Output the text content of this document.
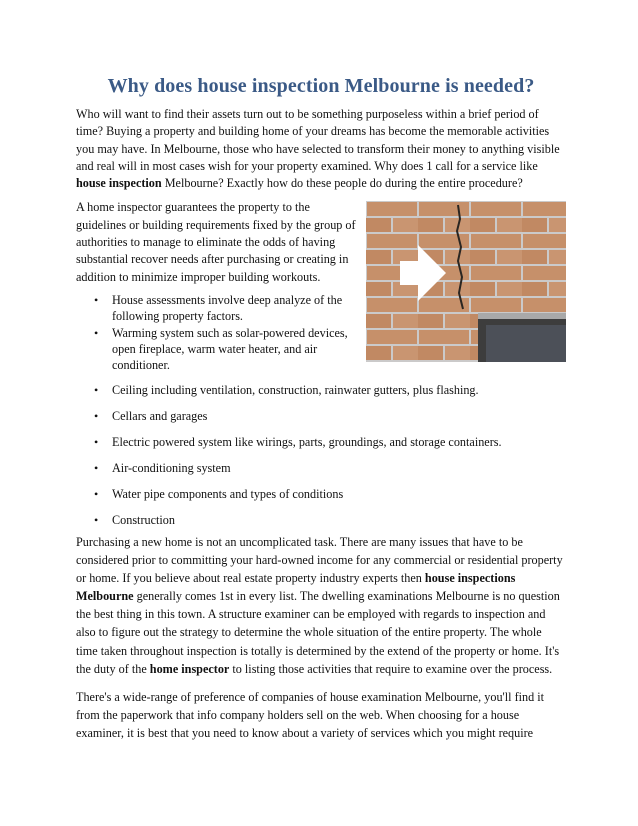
Why does house inspection Melbourne is needed?

Who will want to find their assets turn out to be something purposeless within a brief period of time? Buying a property and building home of your dreams has become the memorable activities you may have. In Melbourne, those who have selected to transform their money to anything visible and real will in most cases wish for your property examined. Why does 1 call for a service like house inspection Melbourne? Exactly how do these people do during the entire procedure?

A home inspector guarantees the property to the guidelines or building requirements fixed by the group of authorities to manage to eliminate the odds of having substantial recover needs after purchasing or creating in addition to minimize improper building workouts.

• House assessments involve deep analyze of the following property factors.
• Warming system such as solar-powered devices, open fireplace, warm water heater, and air conditioner.
• Ceiling including ventilation, construction, rainwater gutters, plus flashing.
• Cellars and garages
• Electric powered system like wirings, parts, groundings, and storage containers.
• Air-conditioning system
• Water pipe components and types of conditions
• Construction

Purchasing a new home is not an uncomplicated task. There are many issues that have to be considered prior to committing your hard-owned income for any commercial or residential property or home. If you believe about real estate property industry experts then house inspections Melbourne generally comes 1st in every list. The dwelling examinations Melbourne is no question the best thing in this town. A structure examiner can be employed with regards to inspection and also to figure out the strategy to determine the whole situation of the entire property. The whole time taken throughout inspection is totally is determined by the extend of the property or home. It's the duty of the home inspector to listing those activities that require to examine over the process.

There's a wide-range of preference of companies of house examination Melbourne, you'll find it from the paperwork that info company holders sell on the web. When choosing for a house examiner, it is best that you need to know about a variety of services which you might require
